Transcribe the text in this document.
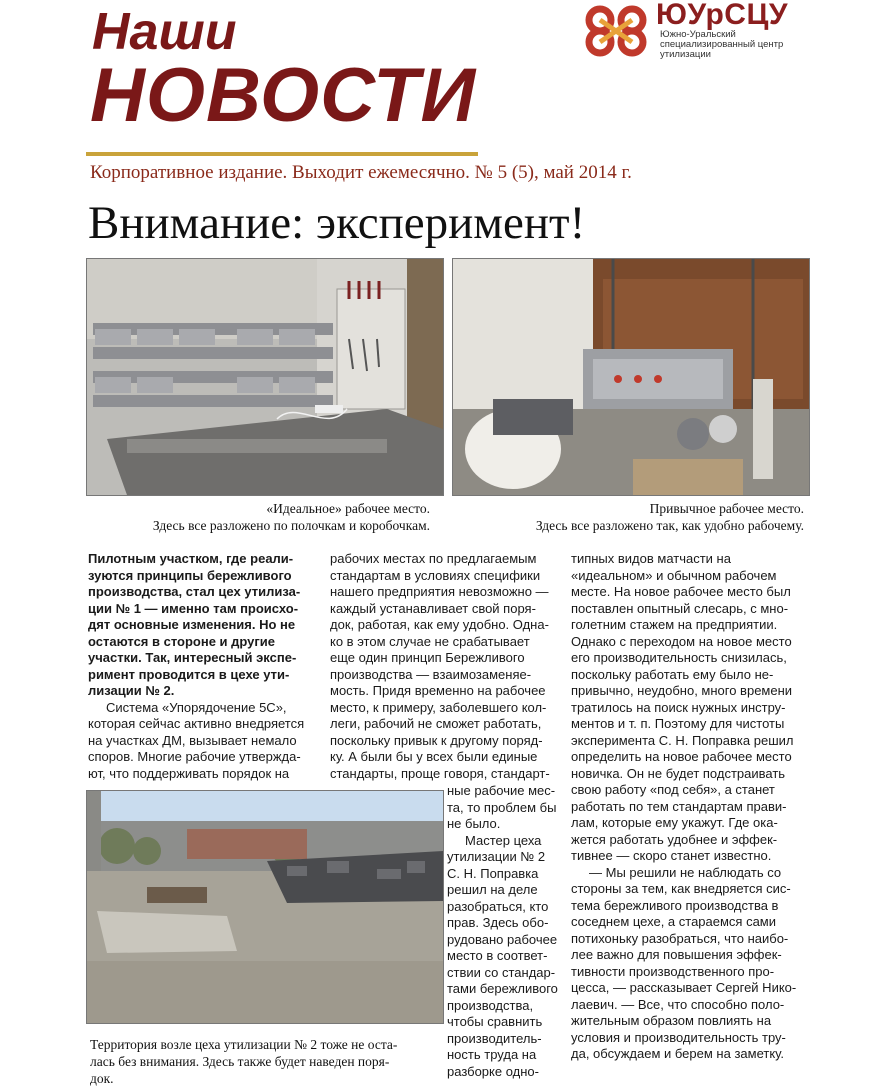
Наши
НОВОСТИ
ЮУрСЦУ
Южно-Уральский
специализированный центр
утилизации
Корпоративное издание. Выходит ежемесячно. № 5 (5), май 2014 г.
Внимание: эксперимент!
«Идеальное» рабочее место.
Здесь все разложено по полочкам и коробочкам.
Привычное рабочее место.
Здесь все разложено так, как удобно рабочему.

Пилотным участком, где реали-
зуются принципы бережливого
производства, стал цех утилиза-
ции № 1 — именно там происхо-
дят основные изменения. Но не
остаются в стороне и другие
участки. Так, интересный экспе-
римент проводится в цехе ути-
лизации № 2.

Система «Упорядочение 5С»,
которая сейчас активно внедряется
на участках ДМ, вызывает немало
споров. Многие рабочие утвержда-
ют, что поддерживать порядок на

рабочих местах по предлагаемым
стандартам в условиях специфики
нашего предприятия невозможно —
каждый устанавливает свой поря-
док, работая, как ему удобно. Одна-
ко в этом случае не срабатывает
еще один принцип Бережливого
производства — взаимозаменяе-
мость. Придя временно на рабочее
место, к примеру, заболевшего кол-
леги, рабочий не сможет работать,
поскольку привык к другому поряд-
ку. А были бы у всех были единые
стандарты, проще говоря, стандарт-
ные рабочие мес-
та, то проблем бы
не было.
Мастер цеха
утилизации № 2
С. Н. Поправка
решил на деле
разобраться, кто
прав. Здесь обо-
рудовано рабочее
место в соответ-
ствии со стандар-
тами бережливого
производства,
чтобы сравнить
производитель-
ность труда на
разборке одно-
типных видов матчасти на
«идеальном» и обычном рабочем
месте. На новое рабочее место был
поставлен опытный слесарь, с мно-
голетним стажем на предприятии.
Однако с переходом на новое место
его производительность снизилась,
поскольку работать ему было не-
привычно, неудобно, много времени
тратилось на поиск нужных инстру-
ментов и т. п. Поэтому для чистоты
эксперимента С. Н. Поправка решил
определить на новое рабочее место
новичка. Он не будет подстраивать
свою работу «под себя», а станет
работать по тем стандартам прави-
лам, которые ему укажут. Где ока-
жется работать удобнее и эффек-
тивнее — скоро станет известно.
— Мы решили не наблюдать со
стороны за тем, как внедряется сис-
тема бережливого производства в
соседнем цехе, а стараемся сами
потихоньку разобраться, что наибо-
лее важно для повышения эффек-
тивности производственного про-
цесса, — рассказывает Сергей Нико-
лаевич. — Все, что способно поло-
жительным образом повлиять на
условия и производительность тру-
да, обсуждаем и берем на заметку.
Территория возле цеха утилизации № 2 тоже не оста-
лась без внимания. Здесь также будет наведен поря-
док.
